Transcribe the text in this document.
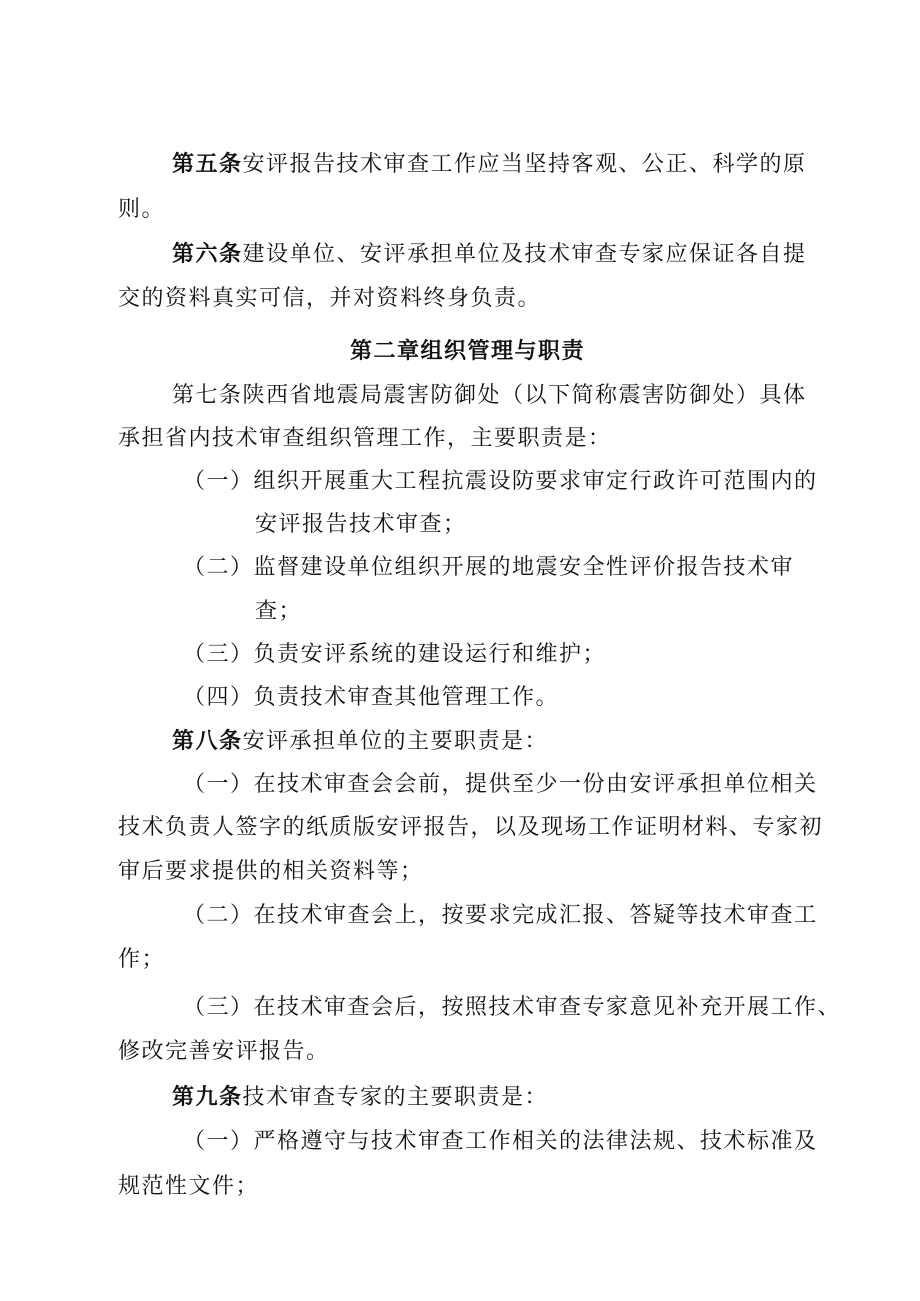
第五条安评报告技术审查工作应当坚持客观、公正、科学的原
则。
第六条建设单位、安评承担单位及技术审查专家应保证各自提
交的资料真实可信，并对资料终身负责。
第二章组织管理与职责
第七条陕西省地震局震害防御处（以下简称震害防御处）具体
承担省内技术审查组织管理工作，主要职责是：
（一）组织开展重大工程抗震设防要求审定行政许可范围内的
安评报告技术审查；
（二）监督建设单位组织开展的地震安全性评价报告技术审
查；
（三）负责安评系统的建设运行和维护；
（四）负责技术审查其他管理工作。
第八条安评承担单位的主要职责是：
（一）在技术审查会会前，提供至少一份由安评承担单位相关
技术负责人签字的纸质版安评报告，以及现场工作证明材料、专家初
审后要求提供的相关资料等；
（二）在技术审查会上，按要求完成汇报、答疑等技术审查工
作；
（三）在技术审查会后，按照技术审查专家意见补充开展工作、
修改完善安评报告。
第九条技术审查专家的主要职责是：
（一）严格遵守与技术审查工作相关的法律法规、技术标准及
规范性文件；
